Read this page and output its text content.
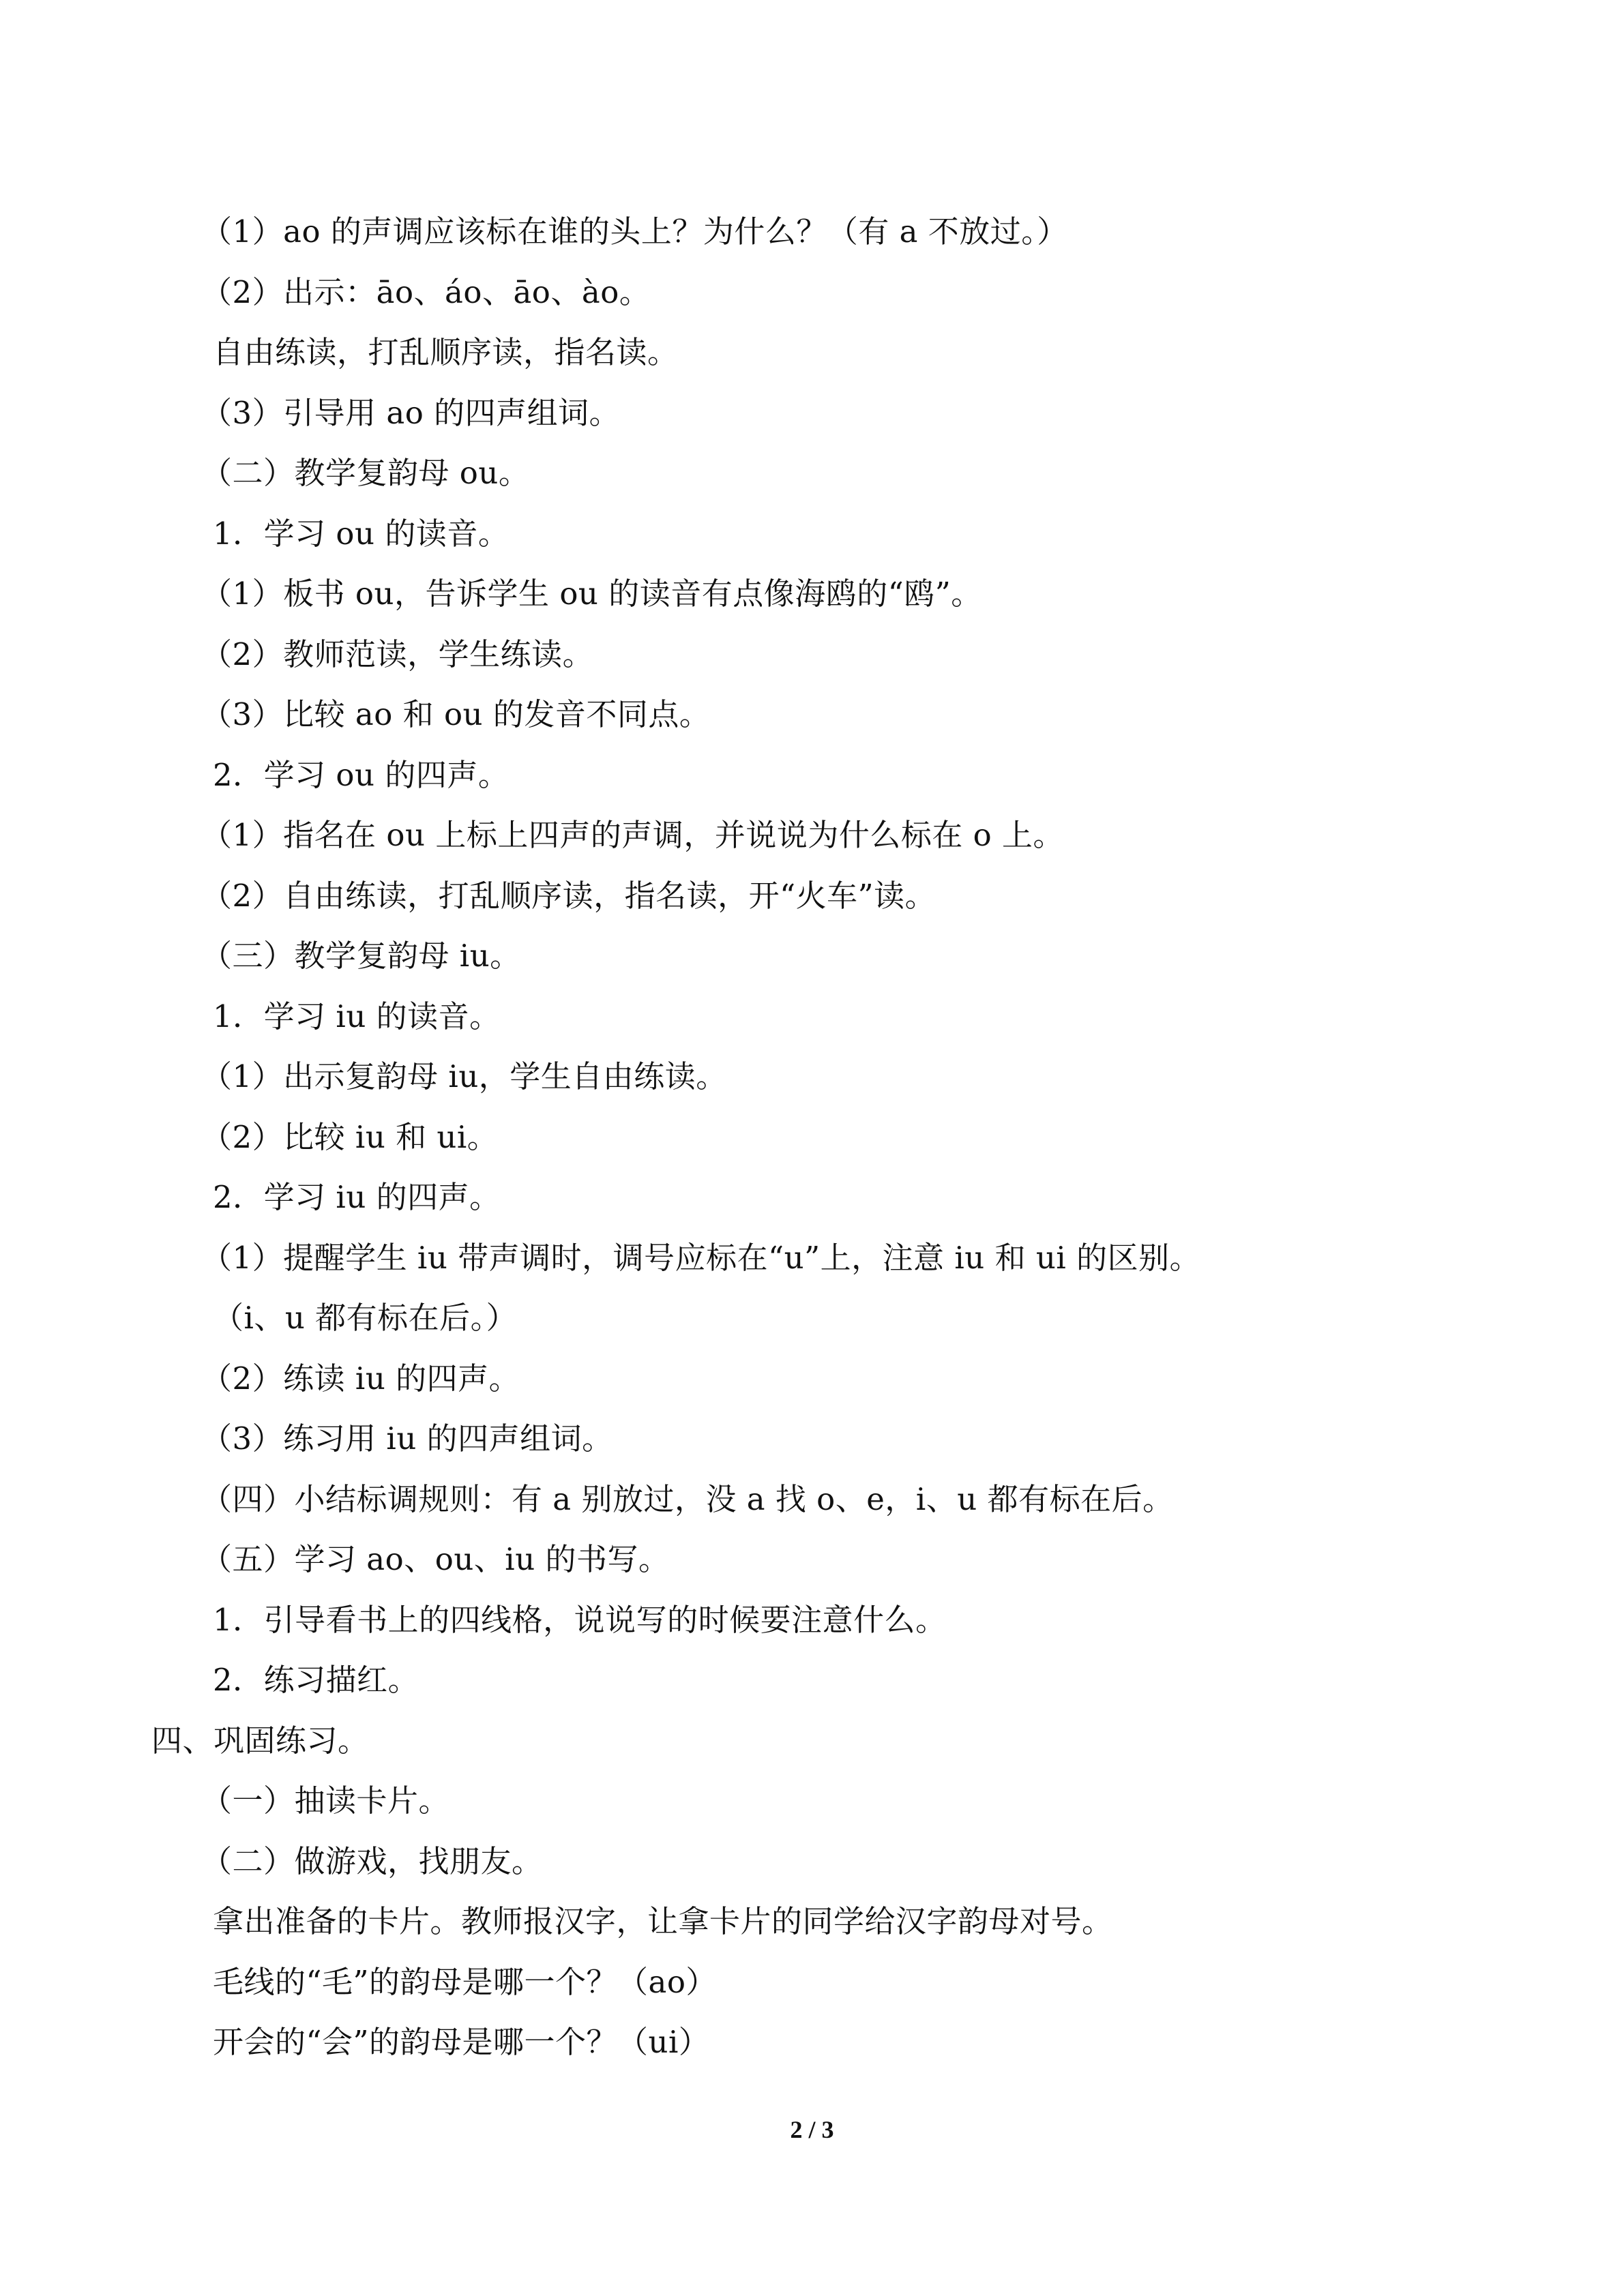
（1）ao 的声调应该标在谁的头上？为什么？（有 a 不放过。）
（2）出示：āo、áo、āo、ào。
自由练读，打乱顺序读，指名读。
（3）引导用 ao 的四声组词。
（二）教学复韵母 ou。
1．学习 ou 的读音。
（1）板书 ou，告诉学生 ou 的读音有点像海鸥的“鸥”。
（2）教师范读，学生练读。
（3）比较 ao 和 ou 的发音不同点。
2．学习 ou 的四声。
（1）指名在 ou 上标上四声的声调，并说说为什么标在 o 上。
（2）自由练读，打乱顺序读，指名读，开“火车”读。
（三）教学复韵母 iu。
1．学习 iu 的读音。
（1）出示复韵母 iu，学生自由练读。
（2）比较 iu 和 ui。
2．学习 iu 的四声。
（1）提醒学生 iu 带声调时，调号应标在“u”上，注意 iu 和 ui 的区别。
（i、u 都有标在后。）
（2）练读 iu 的四声。
（3）练习用 iu 的四声组词。
（四）小结标调规则：有 a 别放过，没 a 找 o、e，i、u 都有标在后。
（五）学习 ao、ou、iu 的书写。
1．引导看书上的四线格，说说写的时候要注意什么。
2．练习描红。
四、巩固练习。
（一）抽读卡片。
（二）做游戏，找朋友。
拿出准备的卡片。教师报汉字，让拿卡片的同学给汉字韵母对号。
毛线的“毛”的韵母是哪一个？（ao）
开会的“会”的韵母是哪一个？（ui）
2 / 3
